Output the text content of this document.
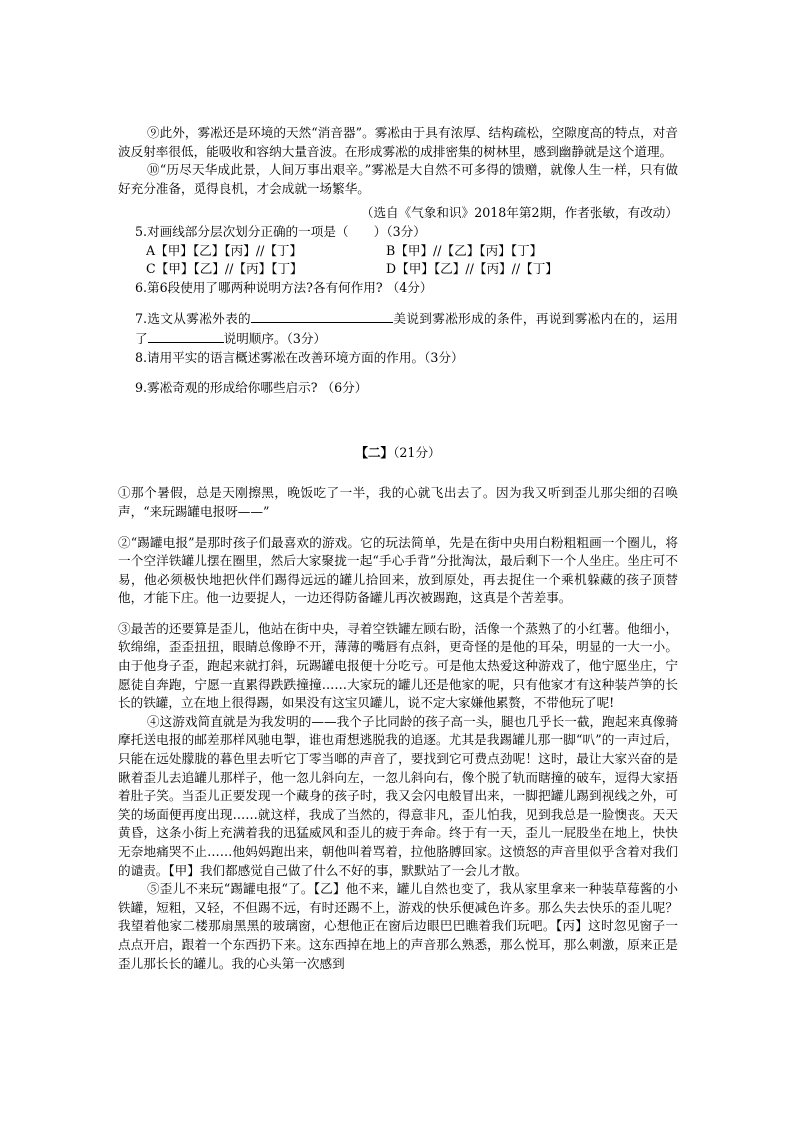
⑨此外，雾凇还是环境的天然“消音器”。雾凇由于具有浓厚、结构疏松，空隙度高的特点，对音波反射率很低，能吸收和容纳大量音波。在形成雾凇的成排密集的树林里，感到幽静就是这个道理。

⑩“历尽天华成此景，人间万事出艰辛。”雾凇是大自然不可多得的馈赠，就像人生一样，只有做好充分准备，觅得良机，才会成就一场繁华。

（选自《气象和识》2018年第2期，作者张敏，有改动）

5.对画线部分层次划分正确的一项是（　　）（3分）

A【甲】【乙】【丙】//【丁】	B【甲】//【乙】【丙】【丁】
C【甲】【乙】//【丙】【丁】	D【甲】【乙】//【丙】//【丁】

6.第6段使用了哪两种说明方法?各有何作用? （4分）

7.选文从雾凇外表的	美说到雾凇形成的条件，再说到雾凇内在的，运用了	说明顺序。（3分）

8.请用平实的语言概述雾凇在改善环境方面的作用。（3分）

9.雾凇奇观的形成给你哪些启示? （6分）

【二】（21分）

①那个暑假，总是天刚擦黑，晚饭吃了一半，我的心就飞出去了。因为我又听到歪儿那尖细的召唤声，“来玩踢罐电报呀——”

②“踢罐电报”是那时孩子们最喜欢的游戏。它的玩法简单，先是在街中央用白粉粗粗画一个圈儿，将一个空洋铁罐儿摆在圈里，然后大家聚拢一起“手心手背”分批淘汰，最后剩下一个人坐庄。坐庄可不易，他必须极快地把伙伴们踢得远远的罐儿拾回来，放到原处，再去捉住一个乘机躲藏的孩子顶替他，才能下庄。他一边要捉人，一边还得防备罐儿再次被踢跑，这真是个苦差事。

③最苦的还要算是歪儿，他站在街中央，寻着空铁罐左顾右盼，活像一个蒸熟了的小红薯。他细小，软绵绵，歪歪扭扭，眼睛总像睁不开，薄薄的嘴唇有点斜，更奇怪的是他的耳朵，明显的一大一小。由于他身子歪，跑起来就打斜，玩踢罐电报便十分吃亏。可是他太热爱这种游戏了，他宁愿坐庄，宁愿徒自奔跑，宁愿一直累得跌跌撞撞……大家玩的罐儿还是他家的呢，只有他家才有这种装芦笋的长长的铁罐，立在地上很得踢，如果没有这宝贝罐儿，说不定大家嫌他累赘，不带他玩了呢!

④这游戏简直就是为我发明的——我个子比同龄的孩子高一头，腿也几乎长一截，跑起来真像骑摩托送电报的邮差那样风驰电掣，谁也甭想逃脱我的追逐。尤其是我踢罐儿那一脚“叭”的一声过后，只能在远处朦胧的暮色里去听它丁零当啷的声音了，要找到它可费点劲呢！这时，最让大家兴奋的是瞅着歪儿去追罐儿那样子，他一忽儿斜向左，一忽儿斜向右，像个脱了轨而瞎撞的破车，逗得大家捂着肚子笑。当歪儿正要发现一个藏身的孩子时，我又会闪电般冒出来，一脚把罐儿踢到视线之外，可笑的场面便再度出现……就这样，我成了当然的，得意非凡，歪儿怕我，见到我总是一脸懊丧。天天黄昏，这条小街上充满着我的迅猛威风和歪儿的疲于奔命。终于有一天，歪儿一屁股坐在地上，快快无奈地痛哭不止……他妈妈跑出来，朝他叫着骂着，拉他胳膊回家。这愤怒的声音里似乎含着对我们的谴责。【甲】我们都感觉自己做了什么不好的事，默默站了一会儿才散。

⑤歪儿不来玩“踢罐电报“了。【乙】他不来，罐儿自然也变了，我从家里拿来一种装草莓酱的小铁罐，短粗，又轻，不但踢不远，有时还踢不上，游戏的快乐便减色许多。那么失去快乐的歪儿呢？我望着他家二楼那扇黑黑的玻璃窗，心想他正在窗后边眼巴巴瞧着我们玩吧。【丙】这时忽见窗子一点点开启，跟着一个东西扔下来。这东西掉在地上的声音那么熟悉，那么悦耳，那么刺激，原来正是歪儿那长长的罐儿。我的心头第一次感到
